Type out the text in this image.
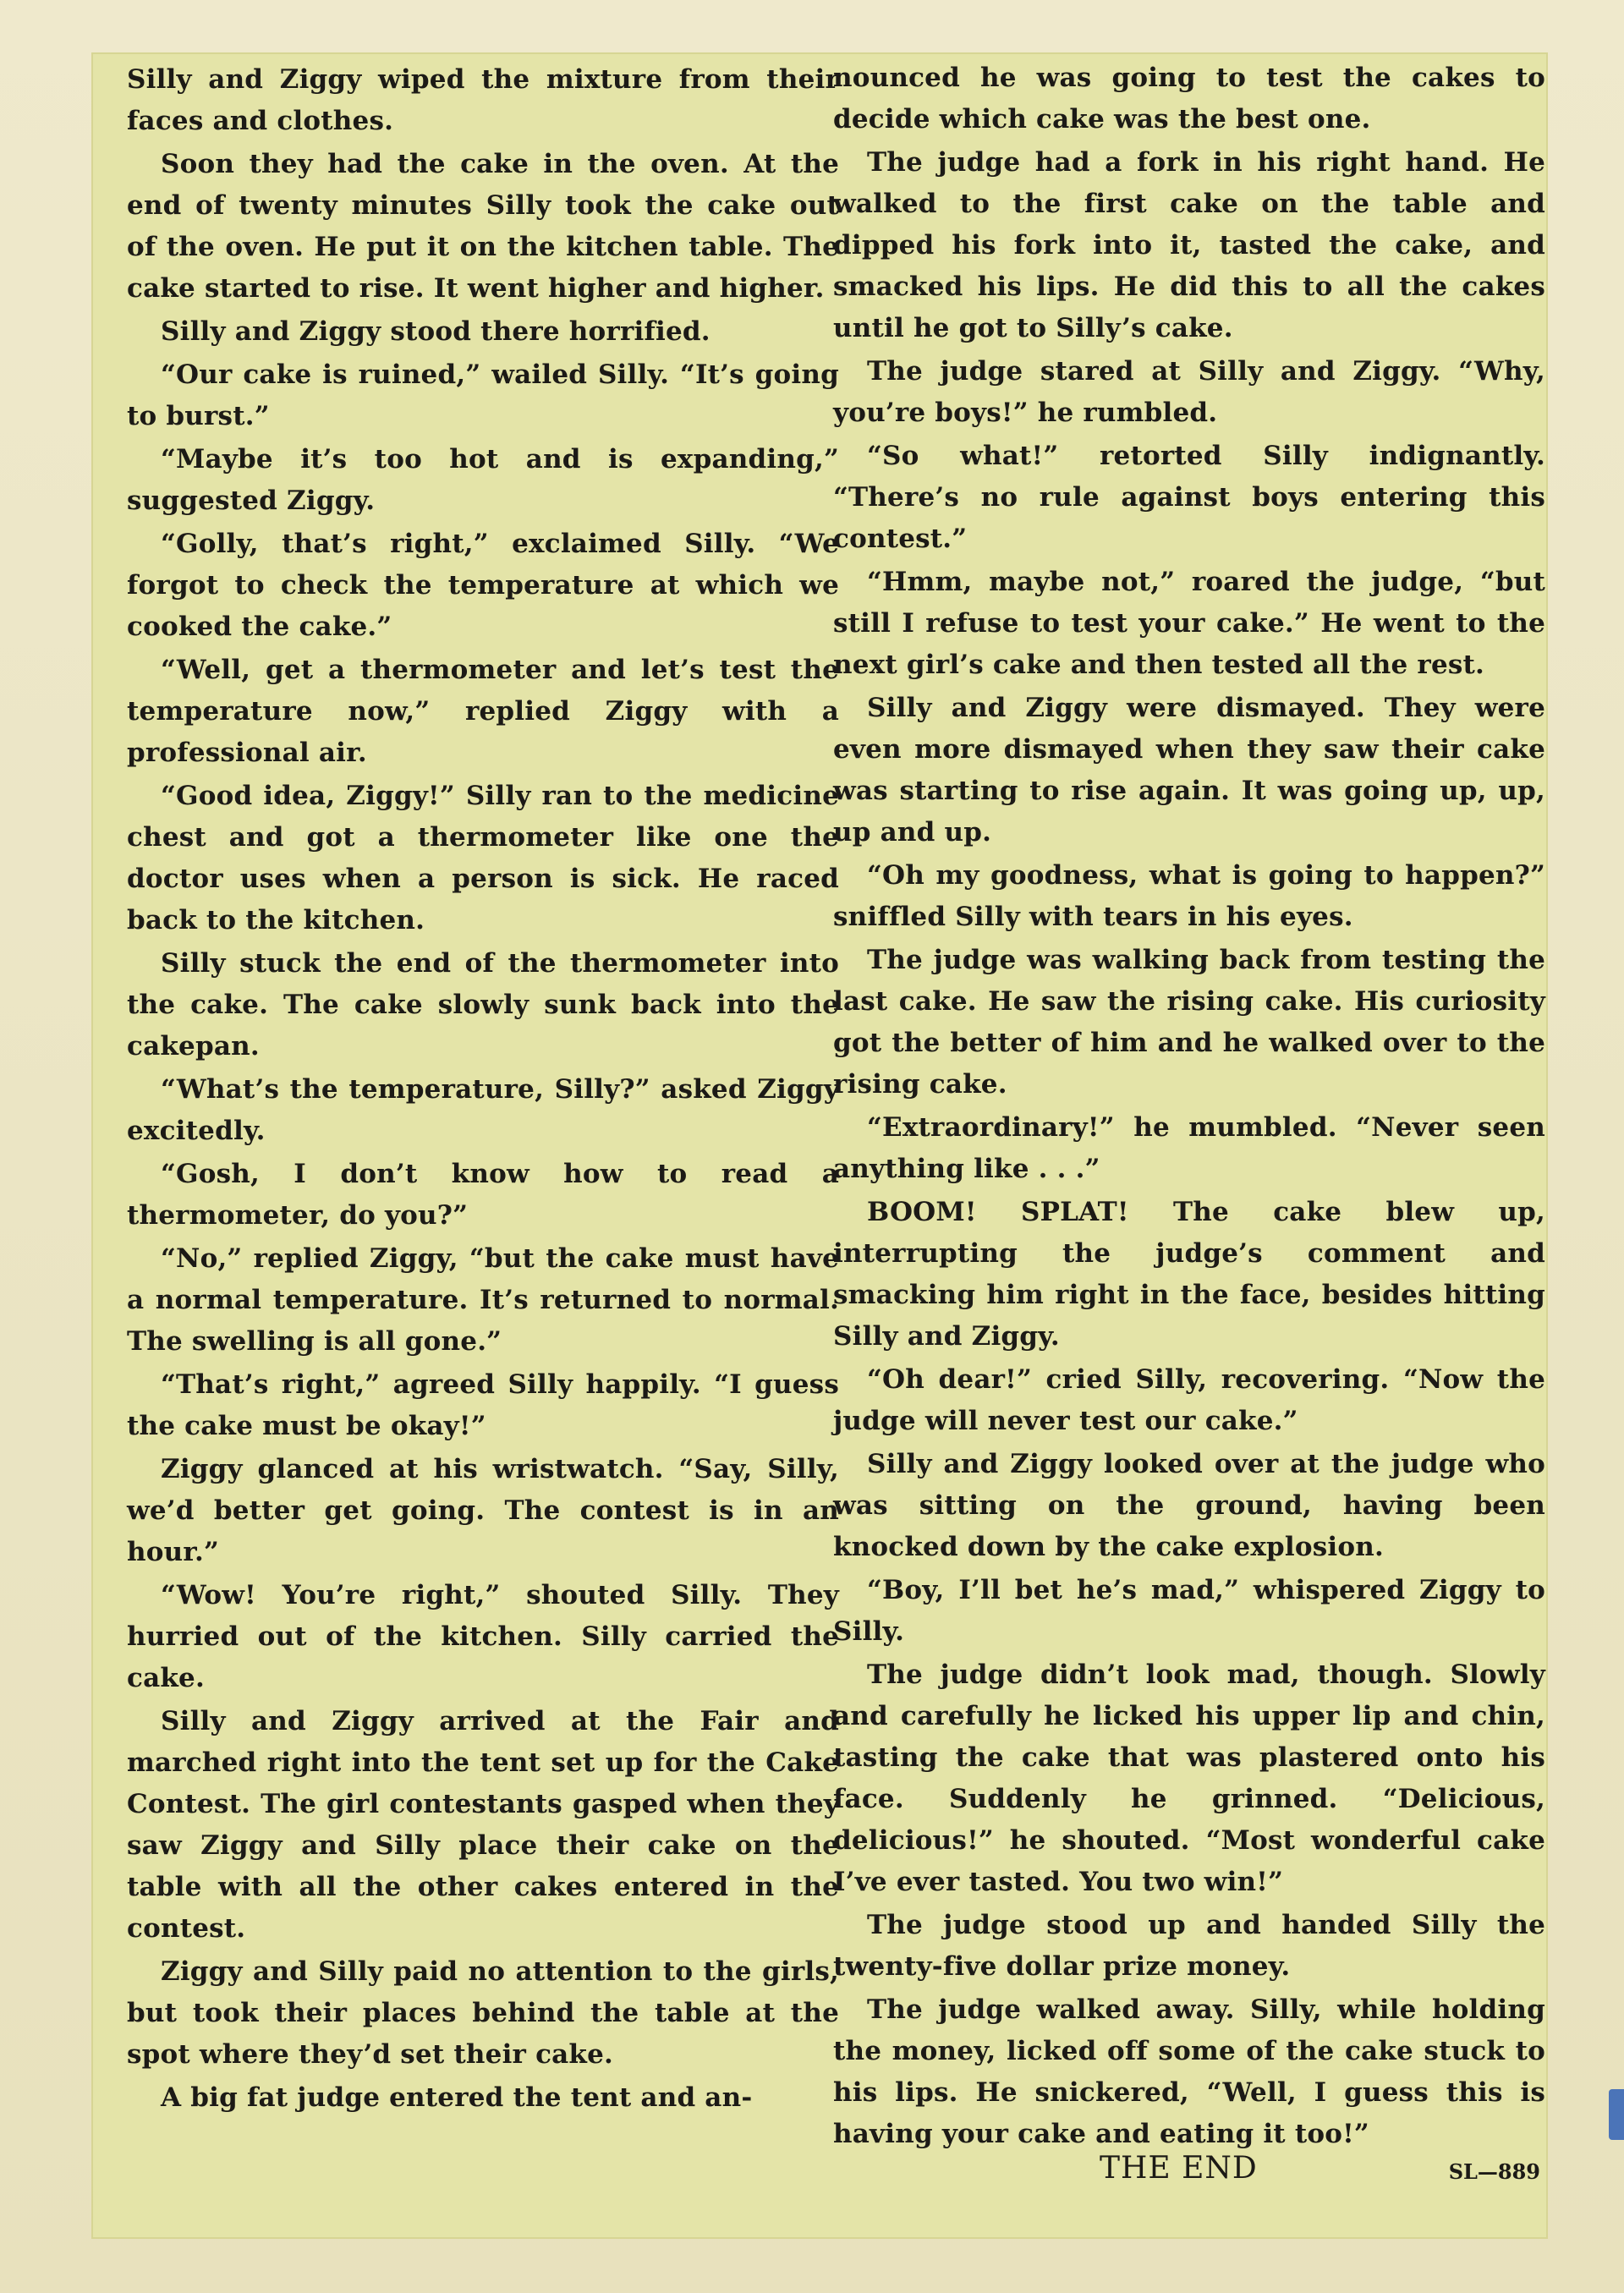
Silly and Ziggy wiped the mixture from their faces and clothes.

Soon they had the cake in the oven. At the end of twenty minutes Silly took the cake out of the oven. He put it on the kitchen table. The cake started to rise. It went higher and higher.

Silly and Ziggy stood there horrified.

“Our cake is ruined,” wailed Silly. “It’s going to burst.”

“Maybe it’s too hot and is expanding,” suggested Ziggy.

“Golly, that’s right,” exclaimed Silly. “We forgot to check the temperature at which we cooked the cake.”

“Well, get a thermometer and let’s test the temperature now,” replied Ziggy with a professional air.

“Good idea, Ziggy!” Silly ran to the medicine chest and got a thermometer like one the doctor uses when a person is sick. He raced back to the kitchen.

Silly stuck the end of the thermometer into the cake. The cake slowly sunk back into the cakepan.

“What’s the temperature, Silly?” asked Ziggy excitedly.

“Gosh, I don’t know how to read a thermometer, do you?”

“No,” replied Ziggy, “but the cake must have a normal temperature. It’s returned to normal. The swelling is all gone.”

“That’s right,” agreed Silly happily. “I guess the cake must be okay!”

Ziggy glanced at his wristwatch. “Say, Silly, we’d better get going. The contest is in an hour.”

“Wow! You’re right,” shouted Silly. They hurried out of the kitchen. Silly carried the cake.

Silly and Ziggy arrived at the Fair and marched right into the tent set up for the Cake Contest. The girl contestants gasped when they saw Ziggy and Silly place their cake on the table with all the other cakes entered in the contest.

Ziggy and Silly paid no attention to the girls, but took their places behind the table at the spot where they’d set their cake.

A big fat judge entered the tent and an-

nounced he was going to test the cakes to decide which cake was the best one.

The judge had a fork in his right hand. He walked to the first cake on the table and dipped his fork into it, tasted the cake, and smacked his lips. He did this to all the cakes until he got to Silly’s cake.

The judge stared at Silly and Ziggy. “Why, you’re boys!” he rumbled.

“So what!” retorted Silly indignantly. “There’s no rule against boys entering this contest.”

“Hmm, maybe not,” roared the judge, “but still I refuse to test your cake.” He went to the next girl’s cake and then tested all the rest.

Silly and Ziggy were dismayed. They were even more dismayed when they saw their cake was starting to rise again. It was going up, up, up and up.

“Oh my goodness, what is going to happen?” sniffled Silly with tears in his eyes.

The judge was walking back from testing the last cake. He saw the rising cake. His curiosity got the better of him and he walked over to the rising cake.

“Extraordinary!” he mumbled. “Never seen anything like . . .”

BOOM! SPLAT! The cake blew up, interrupting the judge’s comment and smacking him right in the face, besides hitting Silly and Ziggy.

“Oh dear!” cried Silly, recovering. “Now the judge will never test our cake.”

Silly and Ziggy looked over at the judge who was sitting on the ground, having been knocked down by the cake explosion.

“Boy, I’ll bet he’s mad,” whispered Ziggy to Silly.

The judge didn’t look mad, though. Slowly and carefully he licked his upper lip and chin, tasting the cake that was plastered onto his face. Suddenly he grinned. “Delicious, delicious!” he shouted. “Most wonderful cake I’ve ever tasted. You two win!”

The judge stood up and handed Silly the twenty-five dollar prize money.

The judge walked away. Silly, while holding the money, licked off some of the cake stuck to his lips. He snickered, “Well, I guess this is having your cake and eating it too!”

THE END	SL—889
